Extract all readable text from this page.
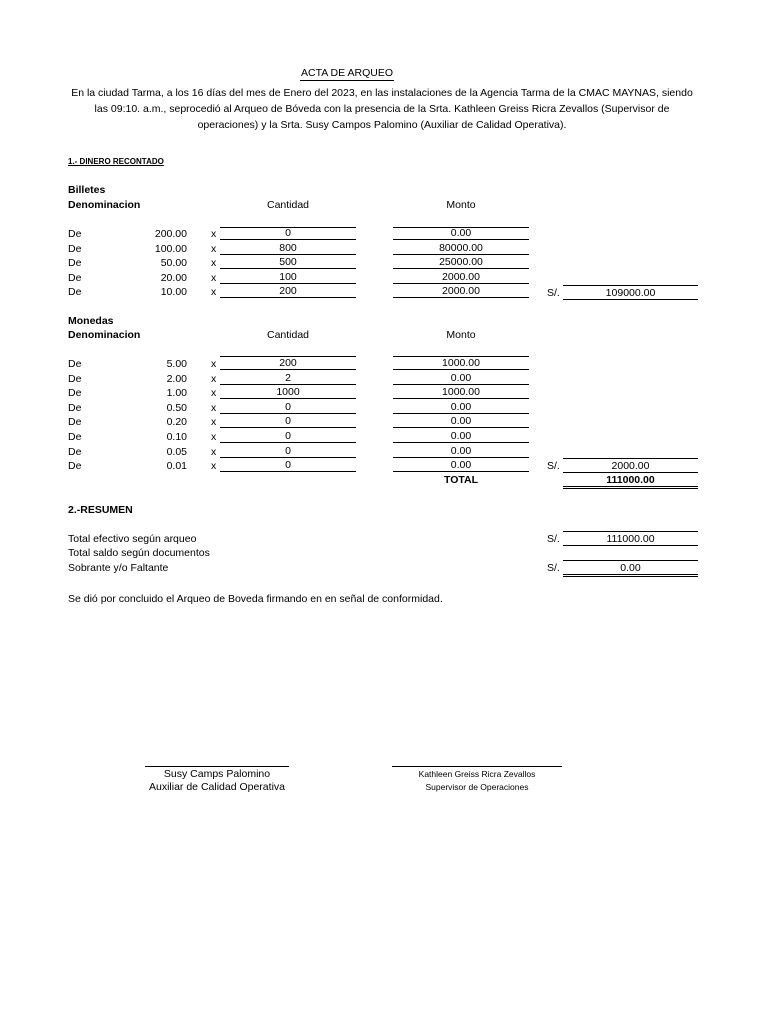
ACTA DE ARQUEO
En la ciudad Tarma, a los 16 días del mes de Enero del 2023, en las instalaciones de la Agencia Tarma de la CMAC MAYNAS, siendo las 09:10. a.m., seprocedió al Arqueo de Bóveda con la presencia de la Srta. Kathleen Greiss Ricra Zevallos (Supervisor de operaciones) y la Srta. Susy Campos Palomino (Auxiliar de Calidad Operativa).
1.- DINERO RECONTADO
Billetes
Denominacion	Cantidad	Monto
De	200.00 x	0	0.00
De	100.00 x	800	80000.00
De	50.00 x	500	25000.00
De	20.00 x	100	2000.00
De	10.00 x	200	2000.00	S/.	109000.00
Monedas
Denominacion	Cantidad	Monto
De	5.00 x	200	1000.00
De	2.00 x	2	0.00
De	1.00 x	1000	1000.00
De	0.50 x	0	0.00
De	0.20 x	0	0.00
De	0.10 x	0	0.00
De	0.05 x	0	0.00
De	0.01 x	0	0.00	S/.	2000.00
TOTAL	111000.00
2.-RESUMEN
Total efectivo según arqueo	S/.	111000.00
Total saldo según documentos
Sobrante y/o Faltante	S/.	0.00
Se dió por concluido el Arqueo de Boveda firmando en en señal de conformidad.
Susy Camps Palomino
Auxiliar de Calidad Operativa
Kathleen Greiss Ricra Zevallos
Supervisor de Operaciones
